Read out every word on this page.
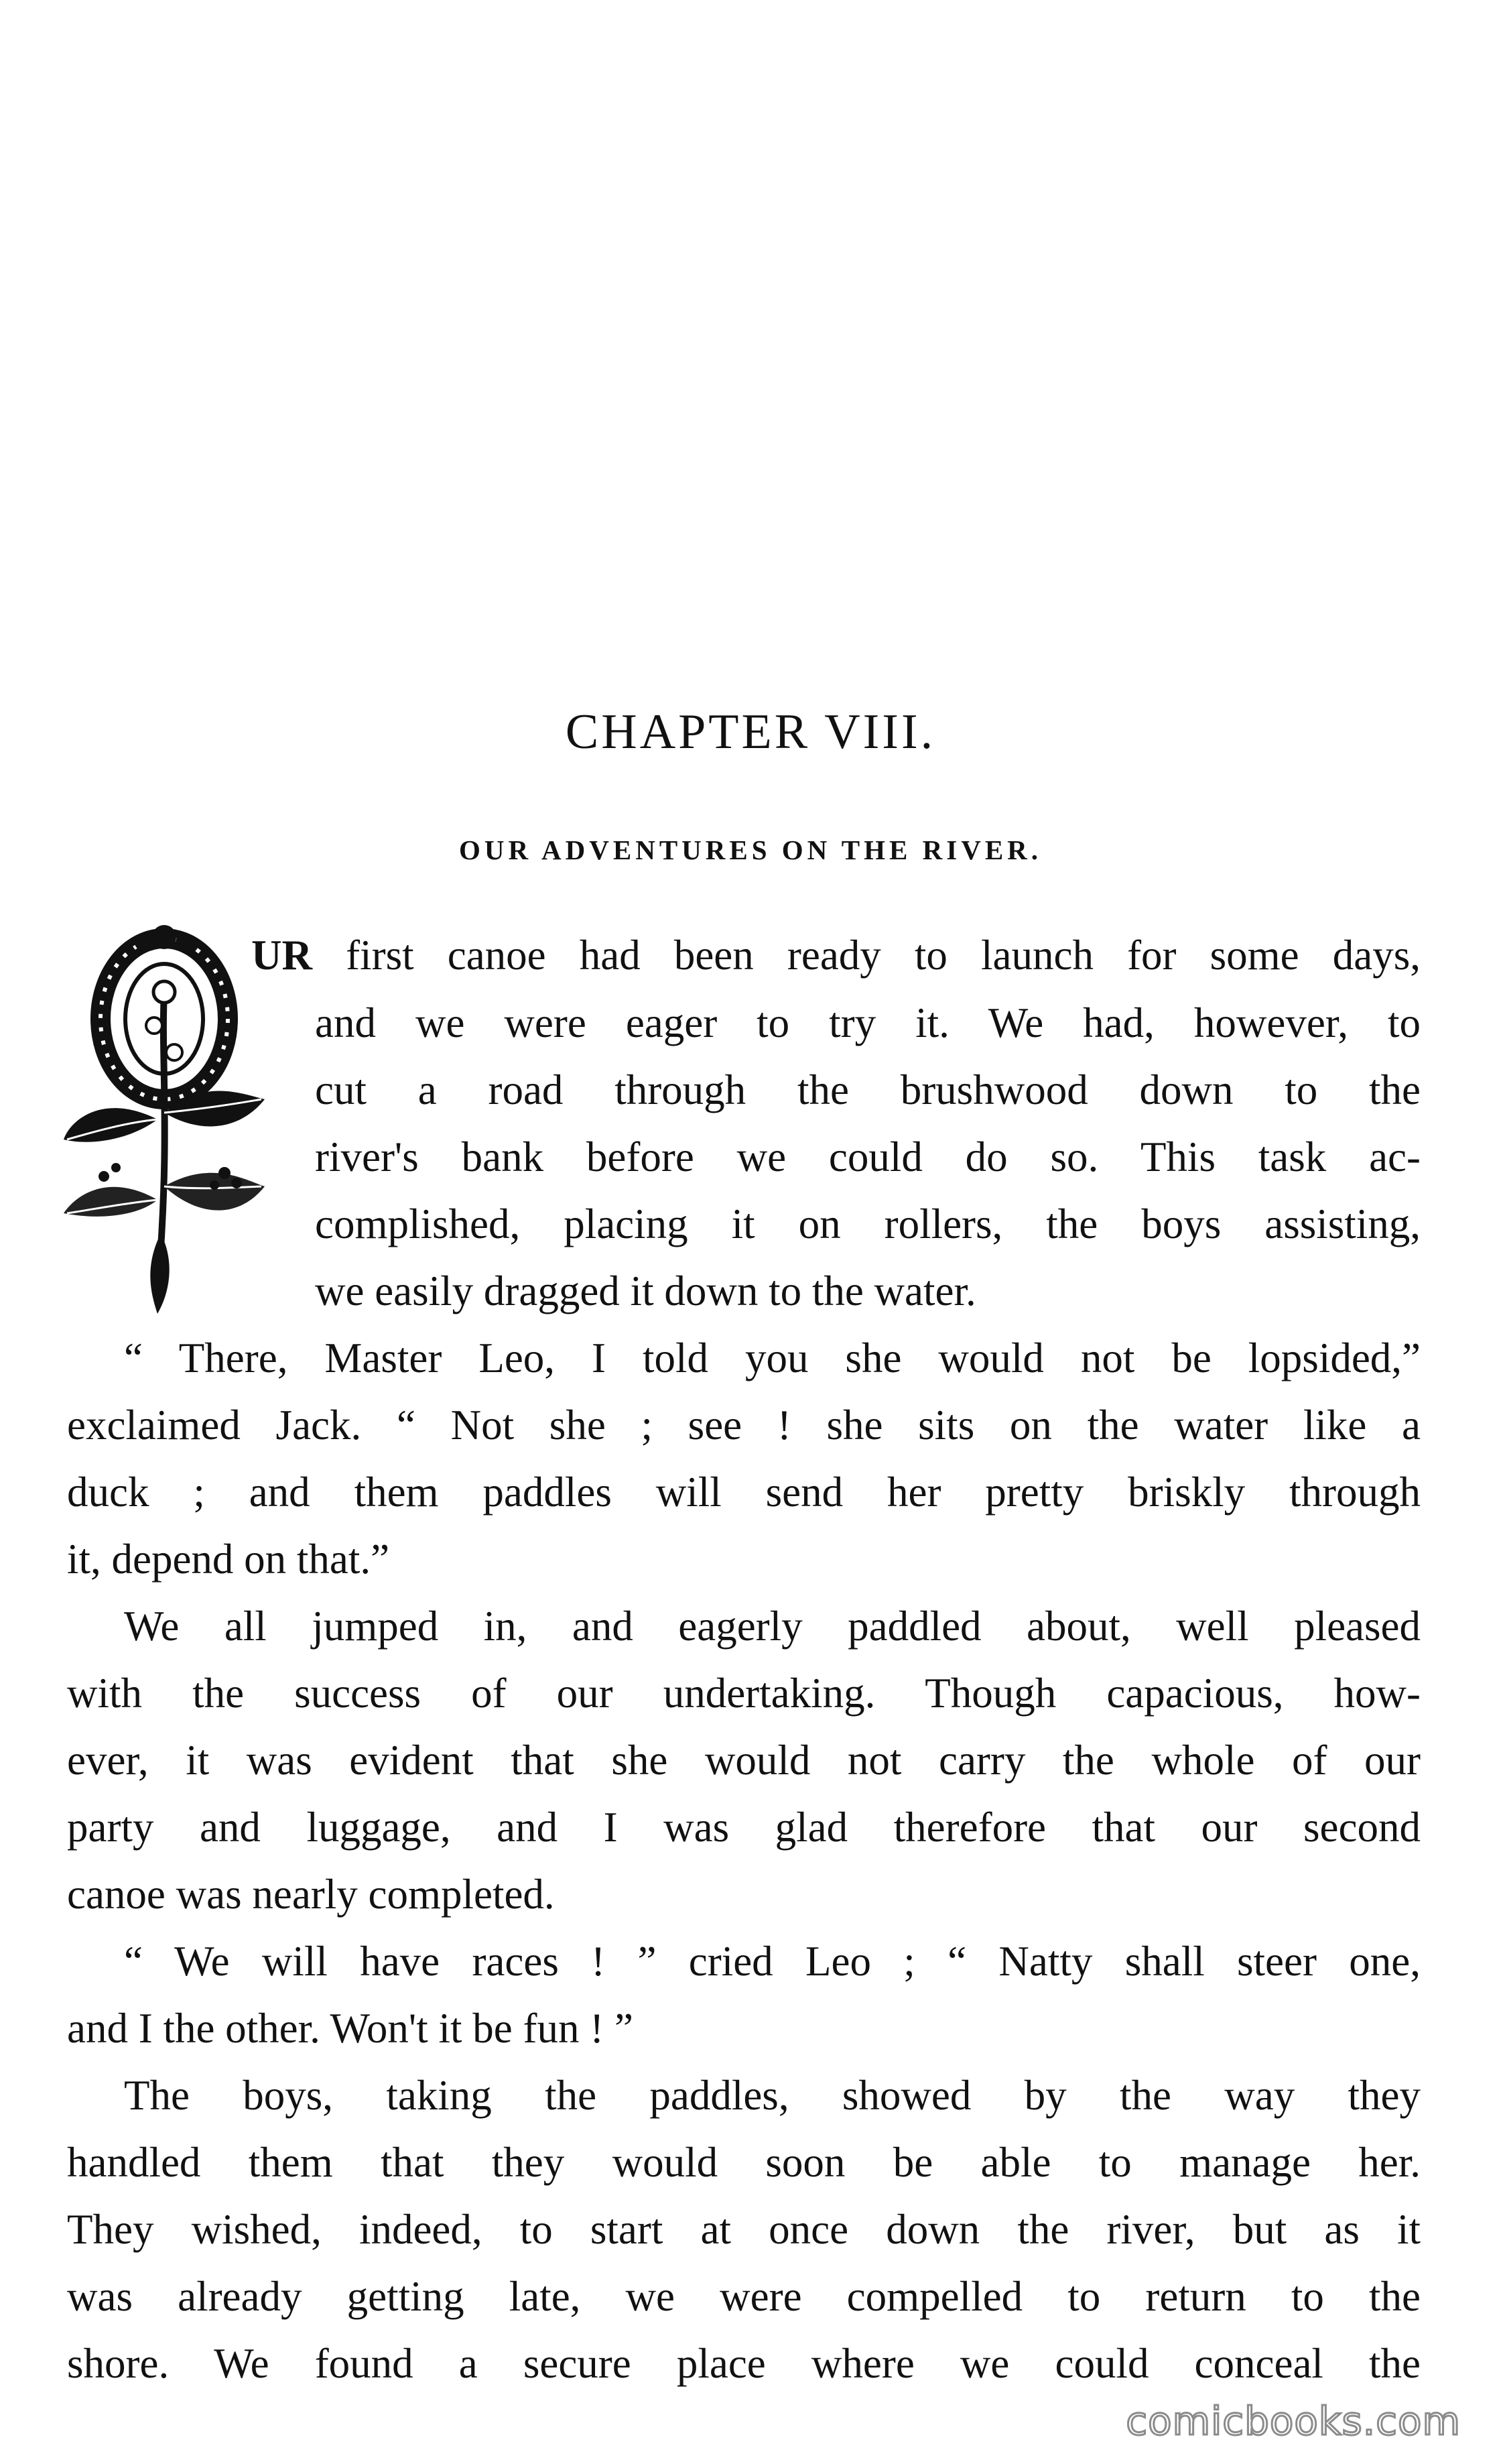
CHAPTER VIII.
OUR ADVENTURES ON THE RIVER.
UR first canoe had been ready to launch for some days,
and we were eager to try it. We had, however, to
cut a road through the brushwood down to the
river's bank before we could do so. This task ac-
complished, placing it on rollers, the boys assisting,
we easily dragged it down to the water.
“ There, Master Leo, I told you she would not be lopsided,”
exclaimed Jack. “ Not she ; see ! she sits on the water like a
duck ; and them paddles will send her pretty briskly through
it, depend on that.”
We all jumped in, and eagerly paddled about, well pleased
with the success of our undertaking. Though capacious, how-
ever, it was evident that she would not carry the whole of our
party and luggage, and I was glad therefore that our second
canoe was nearly completed.
“ We will have races ! ” cried Leo ; “ Natty shall steer one,
and I the other. Won't it be fun ! ”
The boys, taking the paddles, showed by the way they
handled them that they would soon be able to manage her.
They wished, indeed, to start at once down the river, but as it
was already getting late, we were compelled to return to the
shore. We found a secure place where we could conceal the
comicbooks.com
